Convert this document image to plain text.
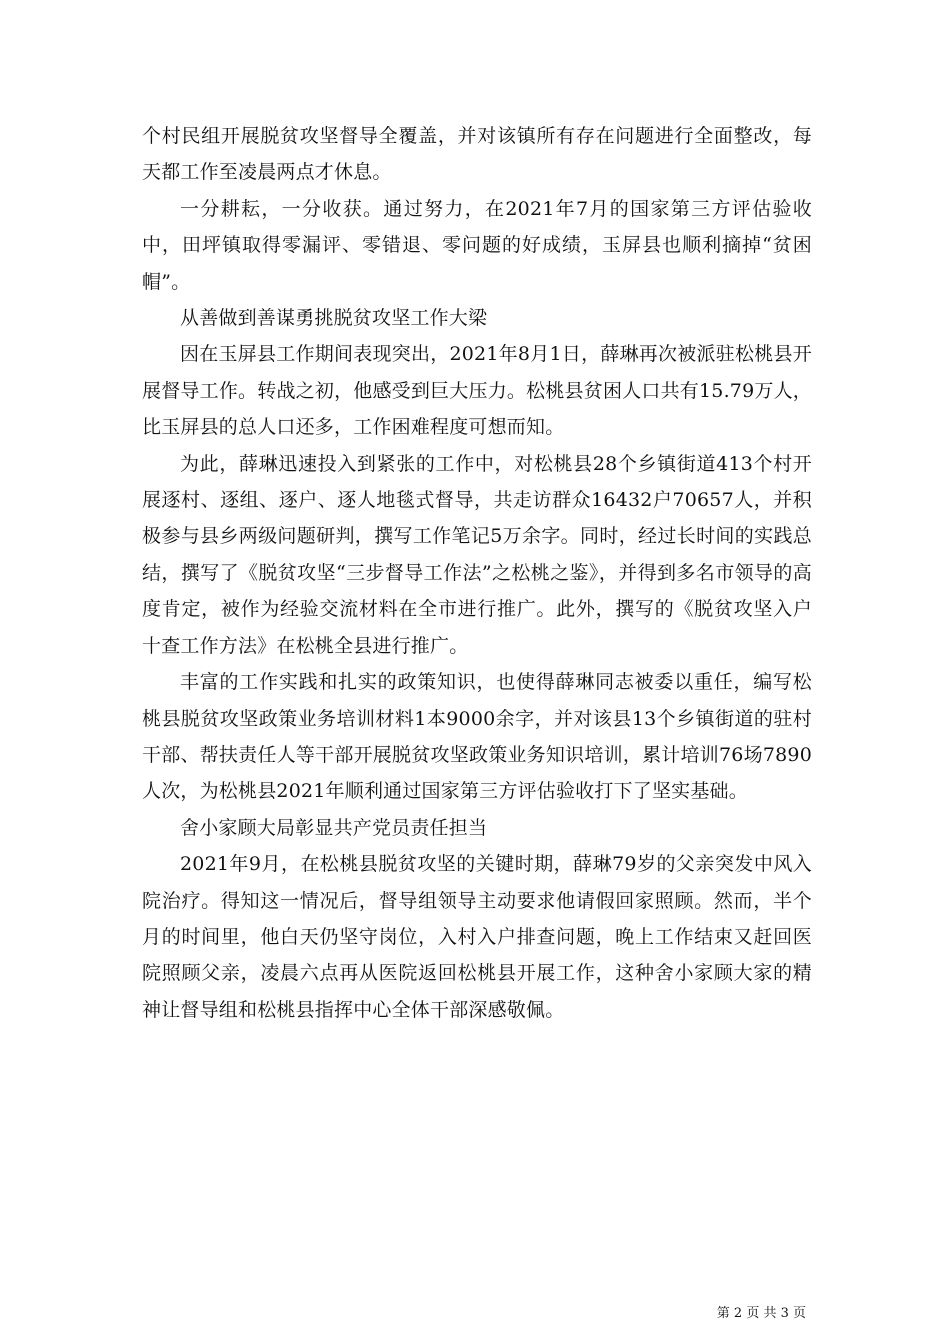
个村民组开展脱贫攻坚督导全覆盖，并对该镇所有存在问题进行全面整改，每天都工作至凌晨两点才休息。

一分耕耘，一分收获。通过努力，在2021年7月的国家第三方评估验收中，田坪镇取得零漏评、零错退、零问题的好成绩，玉屏县也顺利摘掉“贫困帽”。

从善做到善谋勇挑脱贫攻坚工作大梁

因在玉屏县工作期间表现突出，2021年8月1日，薛琳再次被派驻松桃县开展督导工作。转战之初，他感受到巨大压力。松桃县贫困人口共有15.79万人，比玉屏县的总人口还多，工作困难程度可想而知。

为此，薛琳迅速投入到紧张的工作中，对松桃县28个乡镇街道413个村开展逐村、逐组、逐户、逐人地毯式督导，共走访群众16432户70657人，并积极参与县乡两级问题研判，撰写工作笔记5万余字。同时，经过长时间的实践总结，撰写了《脱贫攻坚“三步督导工作法”之松桃之鉴》，并得到多名市领导的高度肯定，被作为经验交流材料在全市进行推广。此外，撰写的《脱贫攻坚入户十查工作方法》在松桃全县进行推广。

丰富的工作实践和扎实的政策知识，也使得薛琳同志被委以重任，编写松桃县脱贫攻坚政策业务培训材料1本9000余字，并对该县13个乡镇街道的驻村干部、帮扶责任人等干部开展脱贫攻坚政策业务知识培训，累计培训76场7890人次，为松桃县2021年顺利通过国家第三方评估验收打下了坚实基础。

舍小家顾大局彰显共产党员责任担当

2021年9月，在松桃县脱贫攻坚的关键时期，薛琳79岁的父亲突发中风入院治疗。得知这一情况后，督导组领导主动要求他请假回家照顾。然而，半个月的时间里，他白天仍坚守岗位，入村入户排查问题，晚上工作结束又赶回医院照顾父亲，凌晨六点再从医院返回松桃县开展工作，这种舍小家顾大家的精神让督导组和松桃县指挥中心全体干部深感敬佩。

第 2 页 共 3 页
